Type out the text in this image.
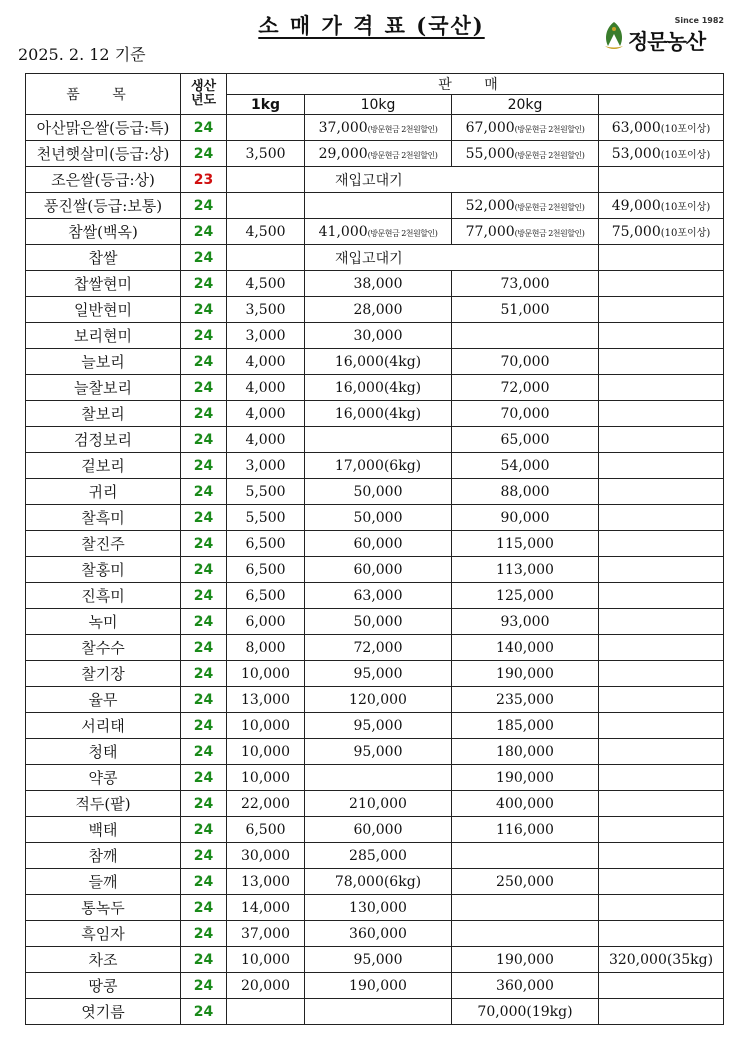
소 매 가 격 표 (국산)
2025. 2. 12 기준
Since 1982
정문농산
품 목	생산년도	판 매			
		1kg	10kg	20kg	
아산맑은쌀(등급:특)	24		37,000(방문현금 2천원할인)	67,000(방문현금 2천원할인)	63,000(10포이상)
천년햇살미(등급:상)	24	3,500	29,000(방문현금 2천원할인)	55,000(방문현금 2천원할인)	53,000(10포이상)
조은쌀(등급:상)	23		재입고대기		
풍진쌀(등급:보통)	24			52,000(방문현금 2천원할인)	49,000(10포이상)
참쌀(백옥)	24	4,500	41,000(방문현금 2천원할인)	77,000(방문현금 2천원할인)	75,000(10포이상)
찹쌀	24		재입고대기		
찹쌀현미	24	4,500	38,000	73,000	
일반현미	24	3,500	28,000	51,000	
보리현미	24	3,000	30,000		
늘보리	24	4,000	16,000(4kg)	70,000	
늘찰보리	24	4,000	16,000(4kg)	72,000	
찰보리	24	4,000	16,000(4kg)	70,000	
검정보리	24	4,000		65,000	
겉보리	24	3,000	17,000(6kg)	54,000	
귀리	24	5,500	50,000	88,000	
찰흑미	24	5,500	50,000	90,000	
찰진주	24	6,500	60,000	115,000	
찰홍미	24	6,500	60,000	113,000	
진흑미	24	6,500	63,000	125,000	
녹미	24	6,000	50,000	93,000	
찰수수	24	8,000	72,000	140,000	
찰기장	24	10,000	95,000	190,000	
율무	24	13,000	120,000	235,000	
서리태	24	10,000	95,000	185,000	
청태	24	10,000	95,000	180,000	
약콩	24	10,000		190,000	
적두(팥)	24	22,000	210,000	400,000	
백태	24	6,500	60,000	116,000	
참깨	24	30,000	285,000		
들깨	24	13,000	78,000(6kg)	250,000	
통녹두	24	14,000	130,000		
흑임자	24	37,000	360,000		
차조	24	10,000	95,000	190,000	320,000(35kg)
땅콩	24	20,000	190,000	360,000	
엿기름	24			70,000(19kg)	
